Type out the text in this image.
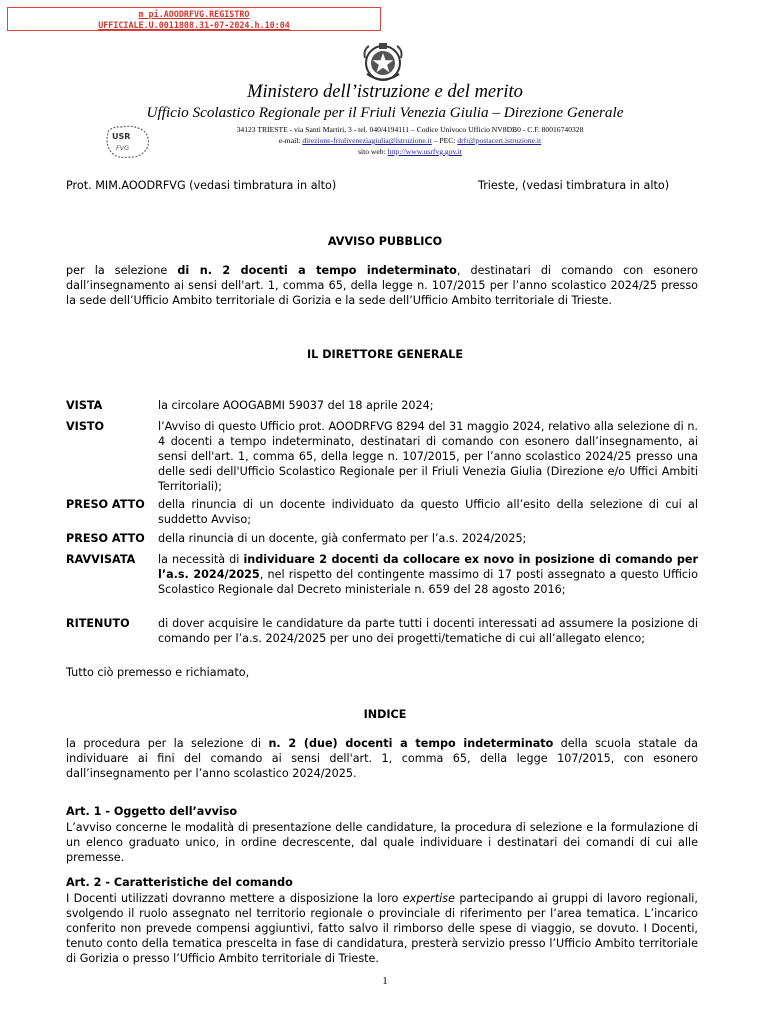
m_pi.AOODRFVG.REGISTRO
UFFICIALE.U.0011808.31-07-2024.h.10:04
Ministero dell’istruzione e del merito
Ufficio Scolastico Regionale per il Friuli Venezia Giulia – Direzione Generale
USR
FVG
34123 TRIESTE - via Santi Martiri, 3 - tel. 040/4194111 – Codice Univoco Ufficio NV8DB0 - C.F. 80016740328
e-mail: direzione-friuliveneziagiulia@istruzione.it – PEC: drfr@postacert.istruzione.it
sito web: http://www.usrfvg.gov.it
Prot. MIM.AOODRFVG (vedasi timbratura in alto)	Trieste, (vedasi timbratura in alto)
AVVISO PUBBLICO
per la selezione di n. 2 docenti a tempo indeterminato, destinatari di comando con esonero dall’insegnamento ai sensi dell'art. 1, comma 65, della legge n. 107/2015 per l’anno scolastico 2024/25 presso la sede dell’Ufficio Ambito territoriale di Gorizia e la sede dell’Ufficio Ambito territoriale di Trieste.
IL DIRETTORE GENERALE
VISTA	la circolare AOOGABMI 59037 del 18 aprile 2024;
VISTO	l’Avviso di questo Ufficio prot. AOODRFVG 8294 del 31 maggio 2024, relativo alla selezione di n. 4 docenti a tempo indeterminato, destinatari di comando con esonero dall’insegnamento, ai sensi dell'art. 1, comma 65, della legge n. 107/2015, per l’anno scolastico 2024/25 presso una delle sedi dell'Ufficio Scolastico Regionale per il Friuli Venezia Giulia (Direzione e/o Uffici Ambiti Territoriali);
PRESO ATTO della rinuncia di un docente individuato da questo Ufficio all’esito della selezione di cui al suddetto Avviso;
PRESO ATTO della rinuncia di un docente, già confermato per l’a.s. 2024/2025;
RAVVISATA la necessità di individuare 2 docenti da collocare ex novo in posizione di comando per l’a.s. 2024/2025, nel rispetto del contingente massimo di 17 posti assegnato a questo Ufficio Scolastico Regionale dal Decreto ministeriale n. 659 del 28 agosto 2016;
RITENUTO	di dover acquisire le candidature da parte tutti i docenti interessati ad assumere la posizione di comando per l’a.s. 2024/2025 per uno dei progetti/tematiche di cui all’allegato elenco;
Tutto ciò premesso e richiamato,
INDICE
la procedura per la selezione di n. 2 (due) docenti a tempo indeterminato della scuola statale da individuare ai fini del comando ai sensi dell'art. 1, comma 65, della legge 107/2015, con esonero dall’insegnamento per l’anno scolastico 2024/2025.
Art. 1 - Oggetto dell’avviso
L’avviso concerne le modalità di presentazione delle candidature, la procedura di selezione e la formulazione di un elenco graduato unico, in ordine decrescente, dal quale individuare i destinatari dei comandi di cui alle premesse.
Art. 2 - Caratteristiche del comando
I Docenti utilizzati dovranno mettere a disposizione la loro expertise partecipando ai gruppi di lavoro regionali, svolgendo il ruolo assegnato nel territorio regionale o provinciale di riferimento per l’area tematica. L’incarico conferito non prevede compensi aggiuntivi, fatto salvo il rimborso delle spese di viaggio, se dovuto. I Docenti, tenuto conto della tematica prescelta in fase di candidatura, presterà servizio presso l’Ufficio Ambito territoriale di Gorizia o presso l’Ufficio Ambito territoriale di Trieste.
1
